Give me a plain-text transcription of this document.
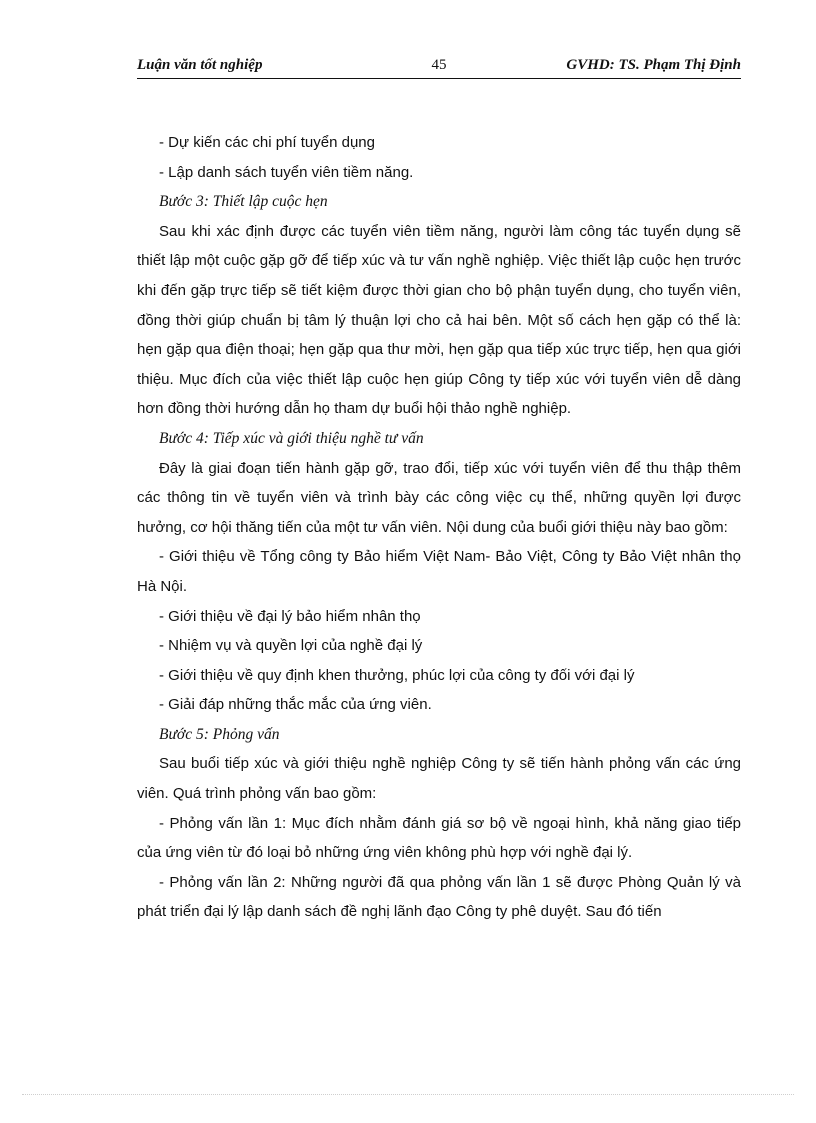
Luận văn tốt nghiệp	45	GVHD: TS. Phạm Thị Định

- Dự kiến các chi phí tuyển dụng

- Lập danh sách tuyển viên tiềm năng.

Bước 3: Thiết lập cuộc hẹn

Sau khi xác định được các tuyển viên tiềm năng, người làm công tác tuyển dụng sẽ thiết lập một cuộc gặp gỡ để tiếp xúc và tư vấn nghề nghiệp. Việc thiết lập cuộc hẹn trước khi đến gặp trực tiếp sẽ tiết kiệm được thời gian cho bộ phận tuyển dụng, cho tuyển viên, đồng thời giúp chuẩn bị tâm lý thuận lợi cho cả hai bên. Một số cách hẹn gặp có thể là: hẹn gặp qua điện thoại; hẹn gặp qua thư mời, hẹn gặp qua tiếp xúc trực tiếp, hẹn qua giới thiệu. Mục đích của việc thiết lập cuộc hẹn giúp Công ty tiếp xúc với tuyển viên dễ dàng hơn đồng thời hướng dẫn họ tham dự buổi hội thảo nghề nghiệp.

Bước 4: Tiếp xúc và giới thiệu nghề tư vấn

Đây là giai đoạn tiến hành gặp gỡ, trao đổi, tiếp xúc với tuyển viên để thu thập thêm các thông tin về tuyển viên và trình bày các công việc cụ thể, những quyền lợi được hưởng, cơ hội thăng tiến của một tư vấn viên. Nội dung của buổi giới thiệu này bao gồm:

- Giới thiệu về Tổng công ty Bảo hiểm Việt Nam- Bảo Việt, Công ty Bảo Việt nhân thọ Hà Nội.

- Giới thiệu về đại lý bảo hiểm nhân thọ

- Nhiệm vụ và quyền lợi của nghề đại lý

- Giới thiệu về quy định khen thưởng, phúc lợi của công ty đối với đại lý

- Giải đáp những thắc mắc của ứng viên.

Bước 5: Phỏng vấn

Sau buổi tiếp xúc và giới thiệu nghề nghiệp Công ty sẽ tiến hành phỏng vấn các ứng viên. Quá trình phỏng vấn bao gồm:

- Phỏng vấn lần 1: Mục đích nhằm đánh giá sơ bộ về ngoại hình, khả năng giao tiếp của ứng viên từ đó loại bỏ những ứng viên không phù hợp với nghề đại lý.

- Phỏng vấn lần 2: Những người đã qua phỏng vấn lần 1 sẽ được Phòng Quản lý và phát triển đại lý lập danh sách đề nghị lãnh đạo Công ty phê duyệt. Sau đó tiến
